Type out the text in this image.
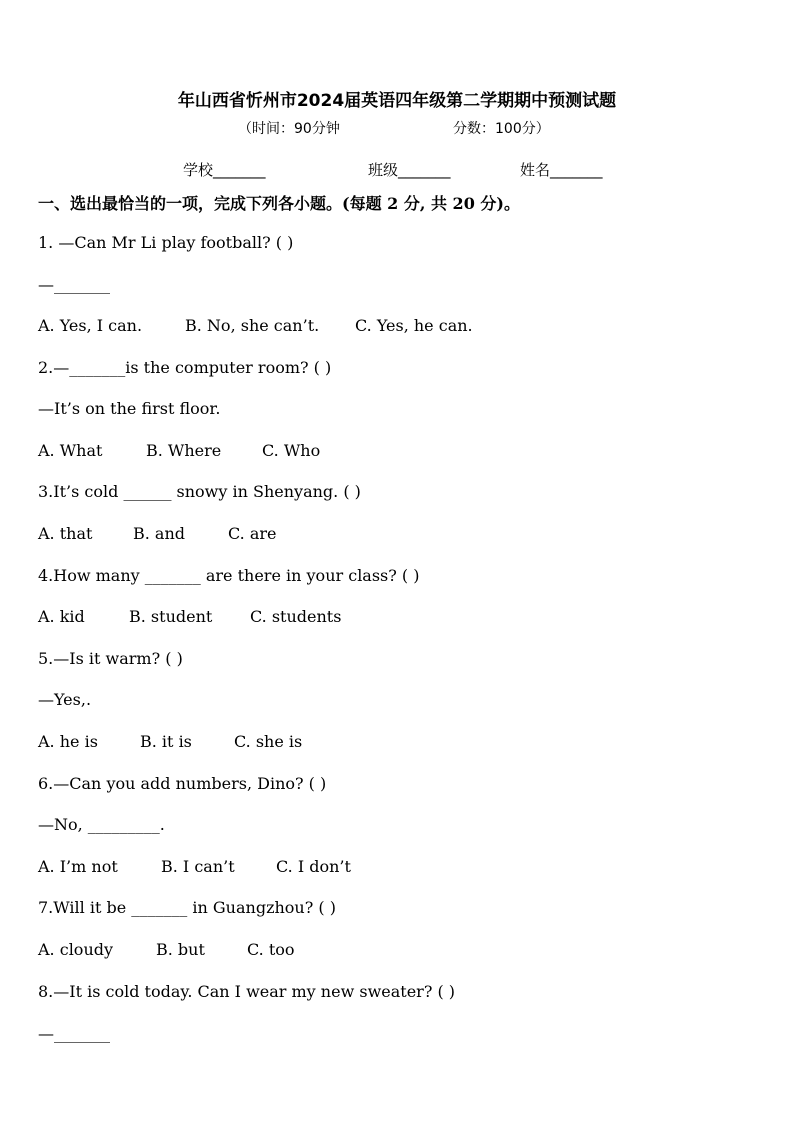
年山西省忻州市2024届英语四年级第二学期期中预测试题
（时间：90分钟	分数：100分）
学校_______	班级_______	姓名_______
一、选出最恰当的一项，完成下列各小题。(每题 2 分, 共 20 分)。
1. —Can Mr Li play football? ( )
—_______
A. Yes, I can.	B. No, she can’t. C. Yes, he can.
2.—_______is the computer room? ( )
—It’s on the first floor.
A. What	B. Where	C. Who
3.It’s cold ______ snowy in Shenyang. ( )
A. that	B. and	C. are
4.How many _______ are there in your class? ( )
A. kid	B. student C. students
5.—Is it warm? ( )
—Yes,.
A. he is	B. it is	C. she is
6.—Can you add numbers, Dino? ( )
—No, _________.
A. I’m not	B. I can’t	C. I don’t
7.Will it be _______ in Guangzhou? ( )
A. cloudy	B. but	C. too
8.—It is cold today. Can I wear my new sweater? ( )
—_______
